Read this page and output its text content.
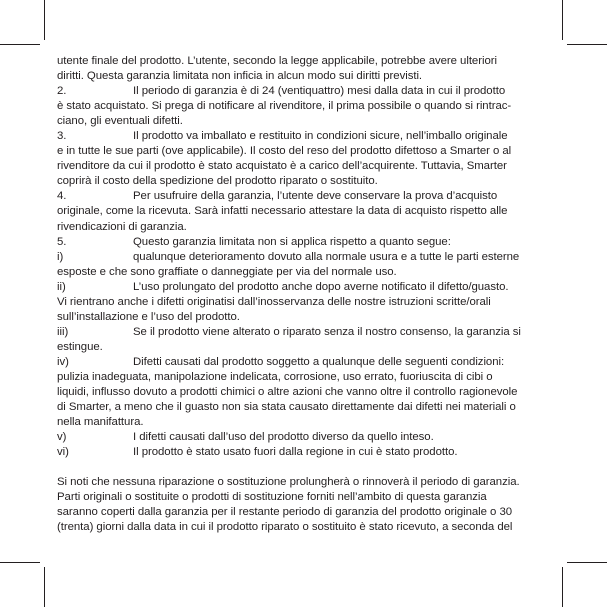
utente finale del prodotto. L’utente, secondo la legge applicabile, potrebbe avere ulteriori
diritti. Questa garanzia limitata non inficia in alcun modo sui diritti previsti.
2.	Il periodo di garanzia è di 24 (ventiquattro) mesi dalla data in cui il prodotto
è stato acquistato. Si prega di notificare al rivenditore, il prima possibile o quando si rintrac-
ciano, gli eventuali difetti.
3.	Il prodotto va imballato e restituito in condizioni sicure, nell’imballo originale
e in tutte le sue parti (ove applicabile). Il costo del reso del prodotto difettoso a Smarter o al
rivenditore da cui il prodotto è stato acquistato è a carico dell’acquirente. Tuttavia, Smarter
coprirà il costo della spedizione del prodotto riparato o sostituito.
4.	Per usufruire della garanzia, l’utente deve conservare la prova d’acquisto
originale, come la ricevuta. Sarà infatti necessario attestare la data di acquisto rispetto alle
rivendicazioni di garanzia.
5.	Questo garanzia limitata non si applica rispetto a quanto segue:
i)	qualunque deterioramento dovuto alla normale usura e a tutte le parti esterne
esposte e che sono graffiate o danneggiate per via del normale uso.
ii)	L’uso prolungato del prodotto anche dopo averne notificato il difetto/guasto.
Vi rientrano anche i difetti originatisi dall’inosservanza delle nostre istruzioni scritte/orali
sull’installazione e l’uso del prodotto.
iii)	Se il prodotto viene alterato o riparato senza il nostro consenso, la garanzia si
estingue.
iv)	Difetti causati dal prodotto soggetto a qualunque delle seguenti condizioni:
pulizia inadeguata, manipolazione indelicata, corrosione, uso errato, fuoriuscita di cibi o
liquidi, influsso dovuto a prodotti chimici o altre azioni che vanno oltre il controllo ragionevole
di Smarter, a meno che il guasto non sia stata causato direttamente dai difetti nei materiali o
nella manifattura.
v)	I difetti causati dall’uso del prodotto diverso da quello inteso.
vi)	Il prodotto è stato usato fuori dalla regione in cui è stato prodotto.
Si noti che nessuna riparazione o sostituzione prolungherà o rinnoverà il periodo di garanzia.
Parti originali o sostituite o prodotti di sostituzione forniti nell’ambito di questa garanzia
saranno coperti dalla garanzia per il restante periodo di garanzia del prodotto originale o 30
(trenta) giorni dalla data in cui il prodotto riparato o sostituito è stato ricevuto, a seconda del
